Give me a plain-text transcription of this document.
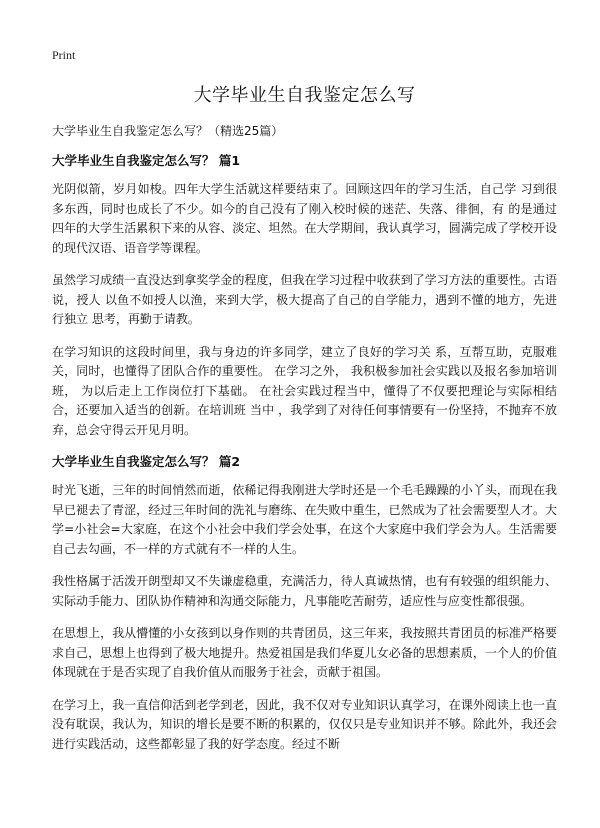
Print
大学毕业生自我鉴定怎么写

大学毕业生自我鉴定怎么写？（精选25篇）

大学毕业生自我鉴定怎么写？ 篇1

光阴似箭，岁月如梭。四年大学生活就这样要结束了。回顾这四年的学习生活，自己学 习到很多东西，同时也成长了不少。如今的自己没有了刚入校时候的迷茫、失落、徘徊，有 的是通过四年的大学生活累积下来的从容、淡定、坦然。在大学期间，我认真学习，圆满完成了学校开设的现代汉语、语音学等课程。

虽然学习成绩一直没达到拿奖学金的程度，但我在学习过程中收获到了学习方法的重要性。古语说，授人 以鱼不如授人以渔，来到大学，极大提高了自己的自学能力，遇到不懂的地方，先进行独立 思考，再勤于请教。

在学习知识的这段时间里，我与身边的许多同学，建立了良好的学习关 系，互帮互助，克服难关，同时，也懂得了团队合作的重要性。 在学习之外， 我积极参加社会实践以及报名参加培训班， 为以后走上工作岗位打下基础。 在社会实践过程当中，懂得了不仅要把理论与实际相结合，还要加入适当的创新。在培训班 当中 ，我学到了对待任何事情要有一份坚持，不抛弃不放弃，总会守得云开见月明。

大学毕业生自我鉴定怎么写？ 篇2

时光飞逝，三年的时间悄然而逝，依稀记得我刚进大学时还是一个毛毛躁躁的小丫头，而现在我早已褪去了青涩，经过三年时间的洗礼与磨练、在失败中重生，已然成为了社会需要型人才。大学=小社会=大家庭，在这个小社会中我们学会处事，在这个大家庭中我们学会为人。生活需要自己去勾画，不一样的方式就有不一样的人生。

我性格属于活泼开朗型却又不失谦虚稳重，充满活力，待人真诚热情，也有有较强的组织能力、实际动手能力、团队协作精神和沟通交际能力，凡事能吃苦耐劳，适应性与应变性都很强。

在思想上，我从懵懂的小女孩到以身作则的共青团员，这三年来，我按照共青团员的标准严格要求自己，思想上也得到了极大地提升。热爱祖国是我们华夏儿女必备的思想素质，一个人的价值体现就在于是否实现了自我价值从而服务于社会，贡献于祖国。

在学习上，我一直信仰活到老学到老，因此，我不仅对专业知识认真学习，在课外阅读上也一直没有耽误，我认为，知识的增长是要不断的积累的，仅仅只是专业知识并不够。除此外，我还会进行实践活动，这些都彰显了我的好学态度。经过不断
